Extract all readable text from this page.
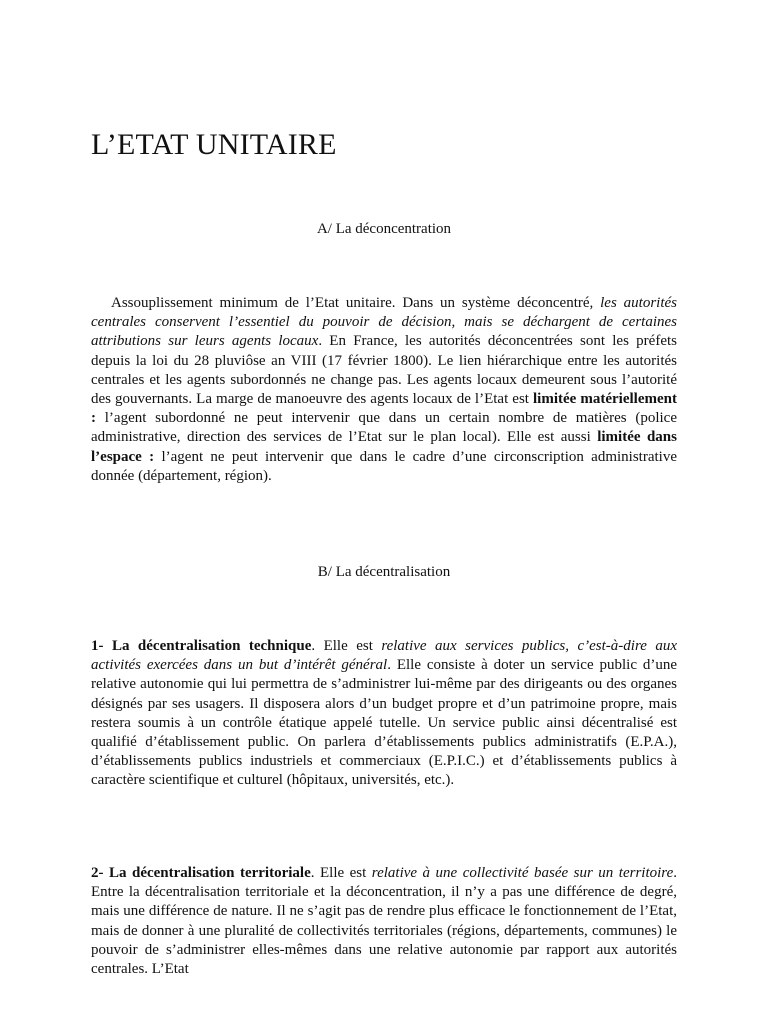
L’ETAT UNITAIRE
A/ La déconcentration

Assouplissement minimum de l’Etat unitaire. Dans un système déconcentré, les autorités centrales conservent l’essentiel du pouvoir de décision, mais se déchargent de certaines attributions sur leurs agents locaux. En France, les autorités déconcentrées sont les préfets depuis la loi du 28 pluviôse an VIII (17 février 1800). Le lien hiérarchique entre les autorités centrales et les agents subordonnés ne change pas. Les agents locaux demeurent sous l’autorité des gouvernants. La marge de manoeuvre des agents locaux de l’Etat est limitée matériellement : l’agent subordonné ne peut intervenir que dans un certain nombre de matières (police administrative, direction des services de l’Etat sur le plan local). Elle est aussi limitée dans l’espace : l’agent ne peut intervenir que dans le cadre d’une circonscription administrative donnée (département, région).

B/ La décentralisation

1- La décentralisation technique. Elle est relative aux services publics, c’est-à-dire aux activités exercées dans un but d’intérêt général. Elle consiste à doter un service public d’une relative autonomie qui lui permettra de s’administrer lui-même par des dirigeants ou des organes désignés par ses usagers. Il disposera alors d’un budget propre et d’un patrimoine propre, mais restera soumis à un contrôle étatique appelé tutelle. Un service public ainsi décentralisé est qualifié d’établissement public. On parlera d’établissements publics administratifs (E.P.A.), d’établissements publics industriels et commerciaux (E.P.I.C.) et d’établissements publics à caractère scientifique et culturel (hôpitaux, universités, etc.).

2- La décentralisation territoriale. Elle est relative à une collectivité basée sur un territoire. Entre la décentralisation territoriale et la déconcentration, il n’y a pas une différence de degré, mais une différence de nature. Il ne s’agit pas de rendre plus efficace le fonctionnement de l’Etat, mais de donner à une pluralité de collectivités territoriales (régions, départements, communes) le pouvoir de s’administrer elles-mêmes dans une relative autonomie par rapport aux autorités centrales. L’Etat
